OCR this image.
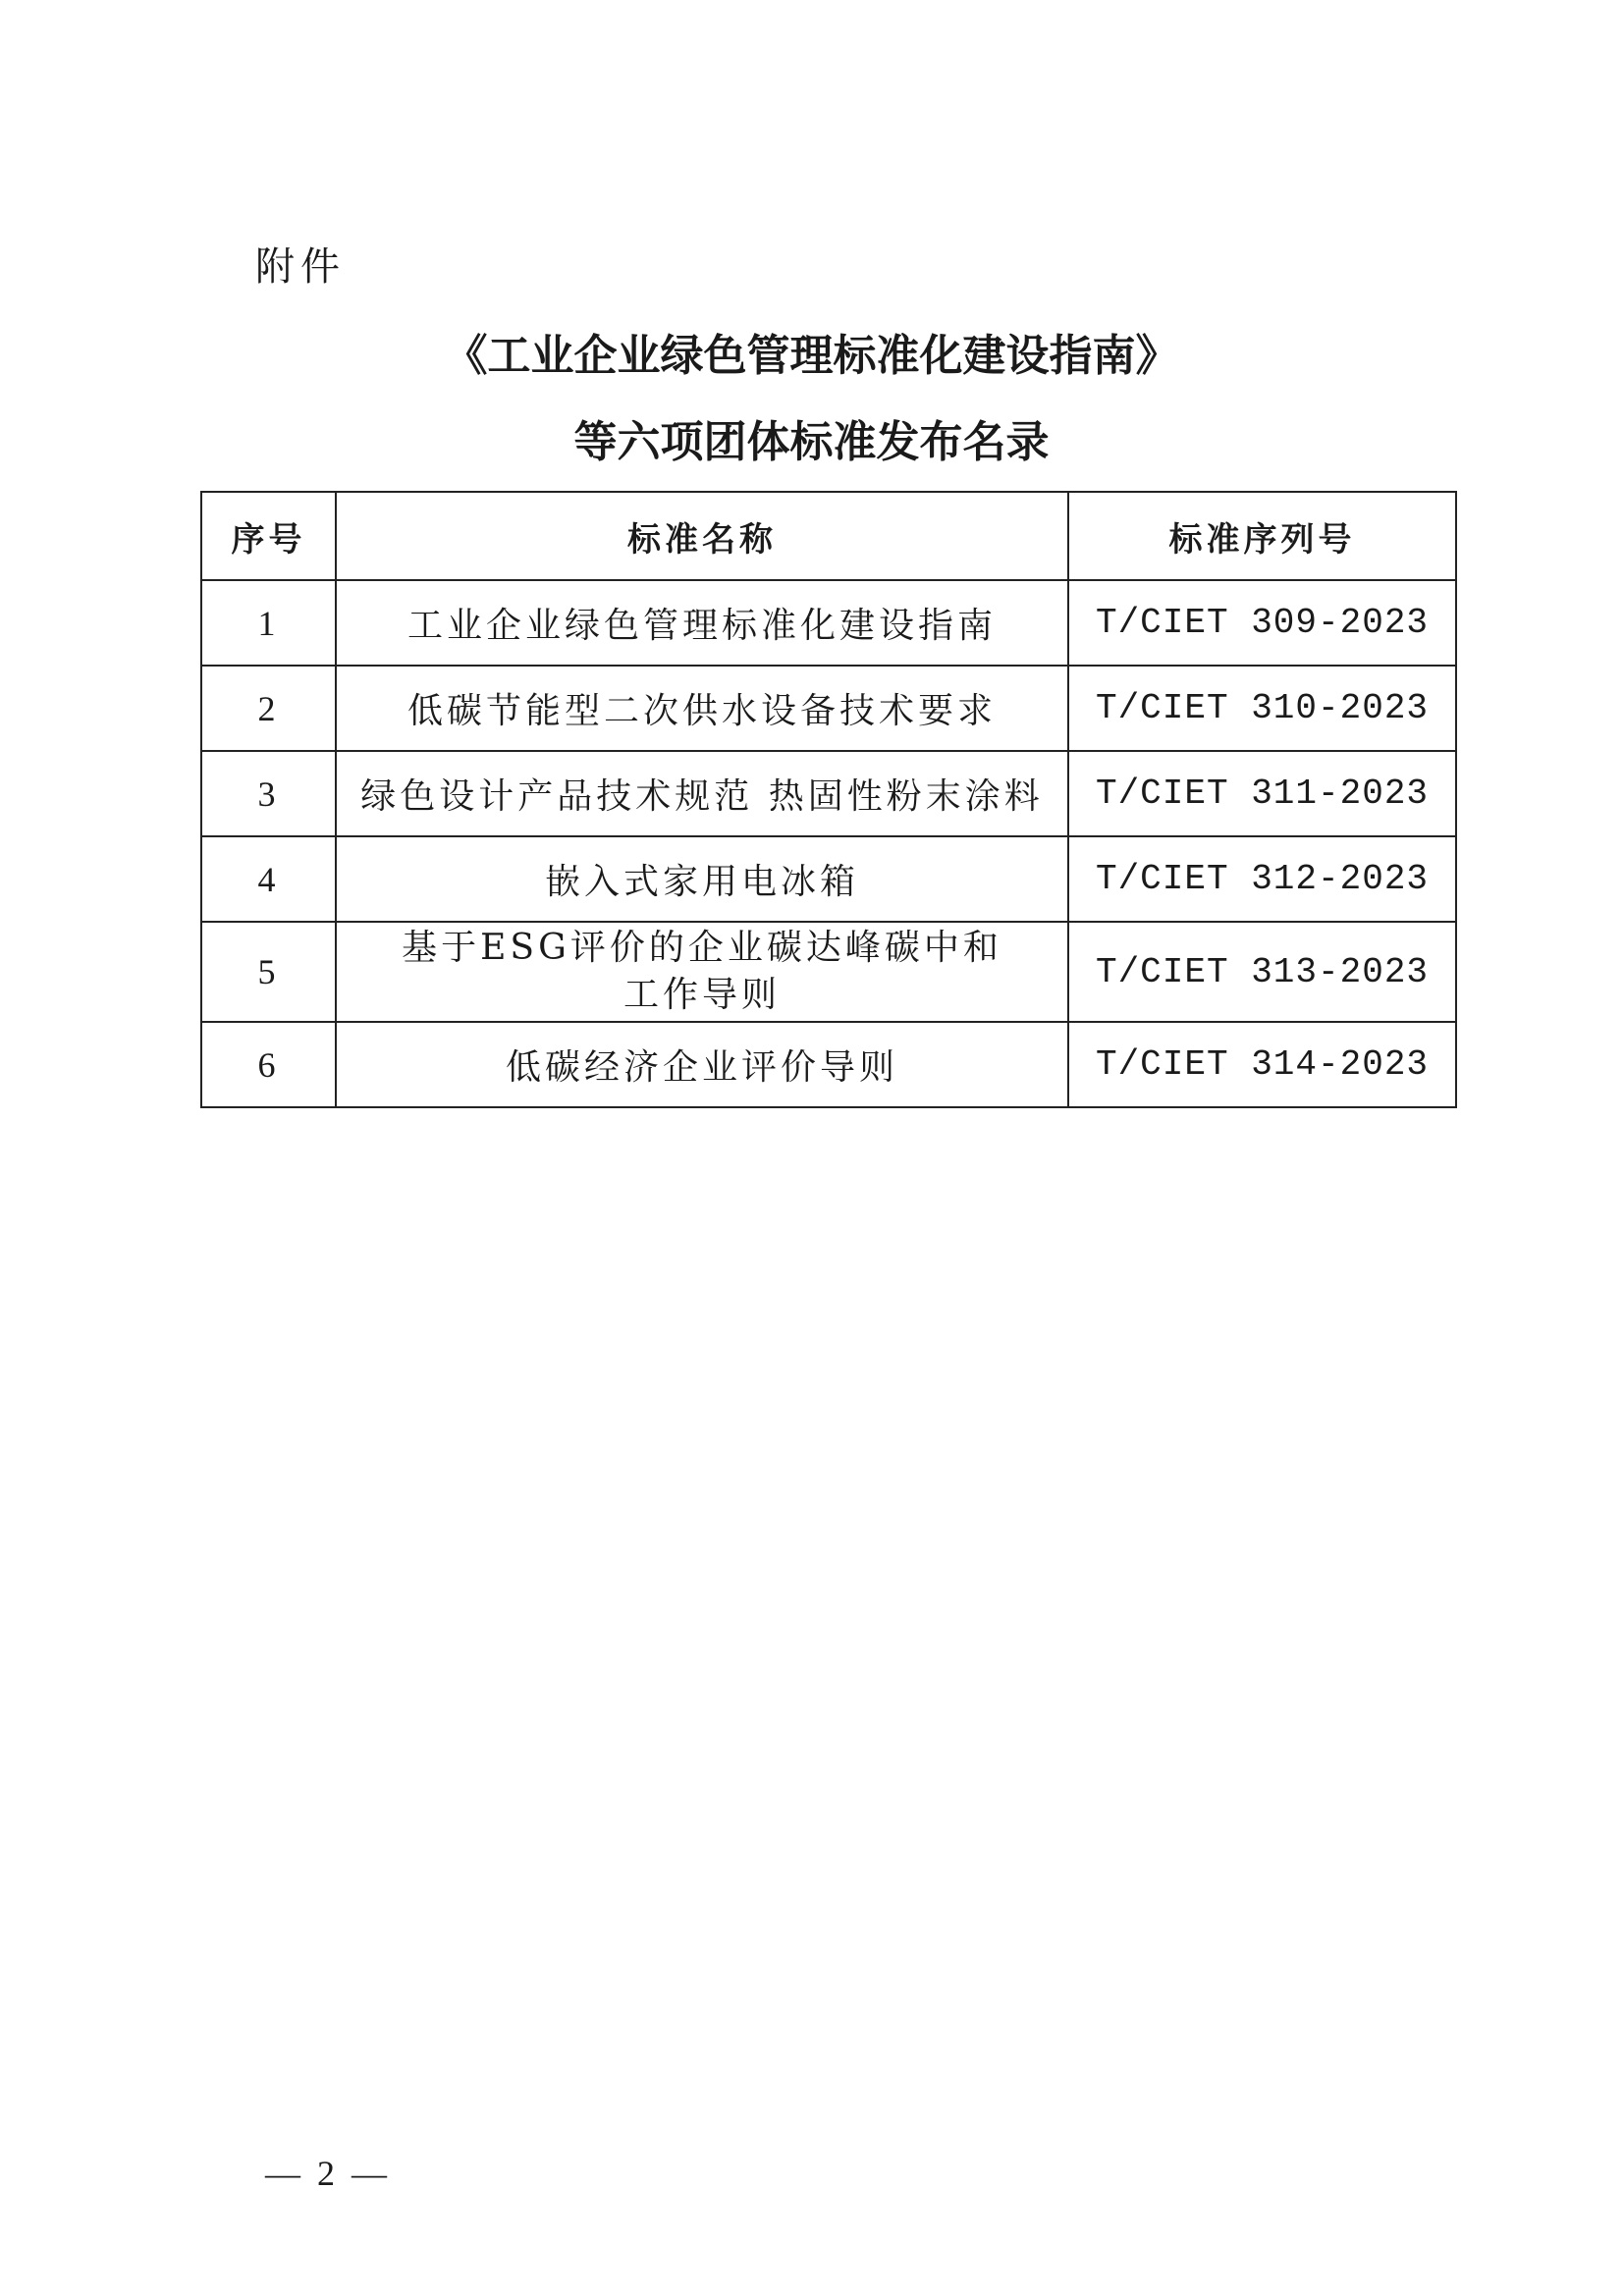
附件
《工业企业绿色管理标准化建设指南》
等六项团体标准发布名录
序号	标准名称	标准序列号
1	工业企业绿色管理标准化建设指南	T/CIET 309-2023
2	低碳节能型二次供水设备技术要求	T/CIET 310-2023
3	绿色设计产品技术规范 热固性粉末涂料	T/CIET 311-2023
4	嵌入式家用电冰箱	T/CIET 312-2023
5	基于ESG评价的企业碳达峰碳中和
工作导则	T/CIET 313-2023
6	低碳经济企业评价导则	T/CIET 314-2023
— 2 —
